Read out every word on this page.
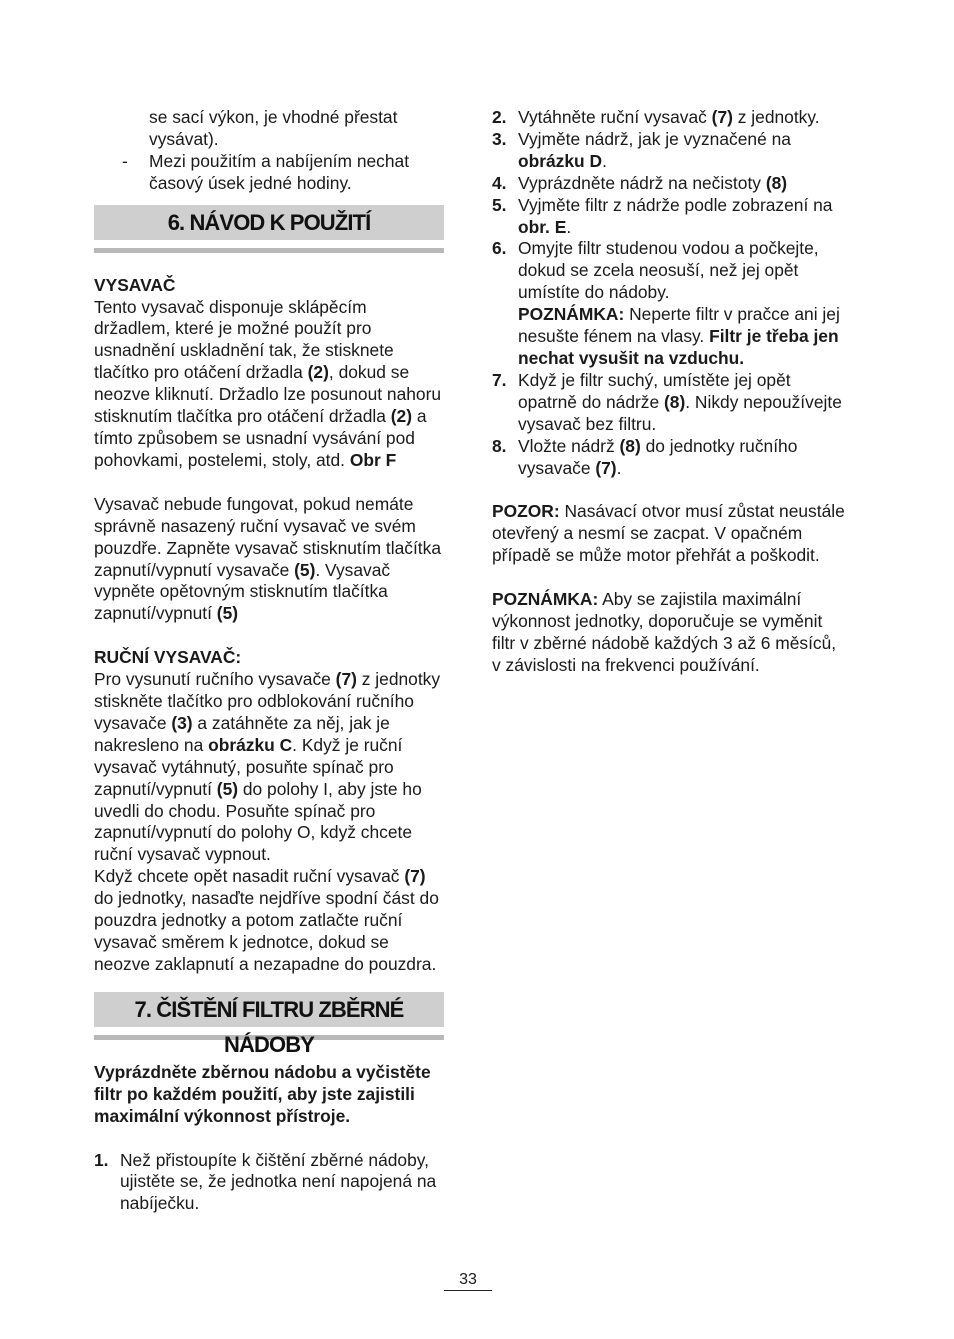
se sací výkon, je vhodné přestat vysávat).

- Mezi použitím a nabíjením nechat časový úsek jedné hodiny.
6. NÁVOD K POUŽITÍ

VYSAVAČ

Tento vysavač disponuje sklápěcím držadlem, které je možné použít pro usnadnění uskladnění tak, že stisknete tlačítko pro otáčení držadla (2), dokud se neozve kliknutí. Držadlo lze posunout nahoru stisknutím tlačítka pro otáčení držadla (2) a tímto způsobem se usnadní vysávání pod pohovkami, postelemi, stoly, atd. Obr F

Vysavač nebude fungovat, pokud nemáte správně nasazený ruční vysavač ve svém pouzdře. Zapněte vysavač stisknutím tlačítka zapnutí/vypnutí vysavače (5). Vysavač vypněte opětovným stisknutím tlačítka zapnutí/vypnutí (5)

RUČNÍ VYSAVAČ:

Pro vysunutí ručního vysavače (7) z jednotky stiskněte tlačítko pro odblokování ručního vysavače (3) a zatáhněte za něj, jak je nakresleno na obrázku C. Když je ruční vysavač vytáhnutý, posuňte spínač pro zapnutí/vypnutí (5) do polohy I, aby jste ho uvedli do chodu. Posuňte spínač pro zapnutí/vypnutí do polohy O, když chcete ruční vysavač vypnout.

Když chcete opět nasadit ruční vysavač (7) do jednotky, nasaďte nejdříve spodní část do pouzdra jednotky a potom zatlačte ruční vysavač směrem k jednotce, dokud se neozve zaklapnutí a nezapadne do pouzdra.

7. ČIŠTĚNÍ FILTRU ZBĚRNÉ NÁDOBY

Vyprázdněte zběrnou nádobu a vyčistěte filtr po každém použití, aby jste zajistili maximální výkonnost přístroje.

1. Než přistoupíte k čištění zběrné nádoby, ujistěte se, že jednotka není napojená na nabíječku.
2. Vytáhněte ruční vysavač (7) z jednotky.
3. Vyjměte nádrž, jak je vyznačené na obrázku D.
4. Vyprázdněte nádrž na nečistoty (8)
5. Vyjměte filtr z nádrže podle zobrazení na obr. E.
6. Omyjte filtr studenou vodou a počkejte, dokud se zcela neosuší, než jej opět umístíte do nádoby.
POZNÁMKA: Neperte filtr v pračce ani jej nesušte fénem na vlasy. Filtr je třeba jen nechat vysušit na vzduchu.
7. Když je filtr suchý, umístěte jej opět opatrně do nádrže (8). Nikdy nepoužívejte vysavač bez filtru.
8. Vložte nádrž (8) do jednotky ručního vysavače (7).

POZOR: Nasávací otvor musí zůstat neustále otevřený a nesmí se zacpat. V opačném případě se může motor přehřát a poškodit.

POZNÁMKA: Aby se zajistila maximální výkonnost jednotky, doporučuje se vyměnit filtr v zběrné nádobě každých 3 až 6 měsíců, v závislosti na frekvenci používání.

33
